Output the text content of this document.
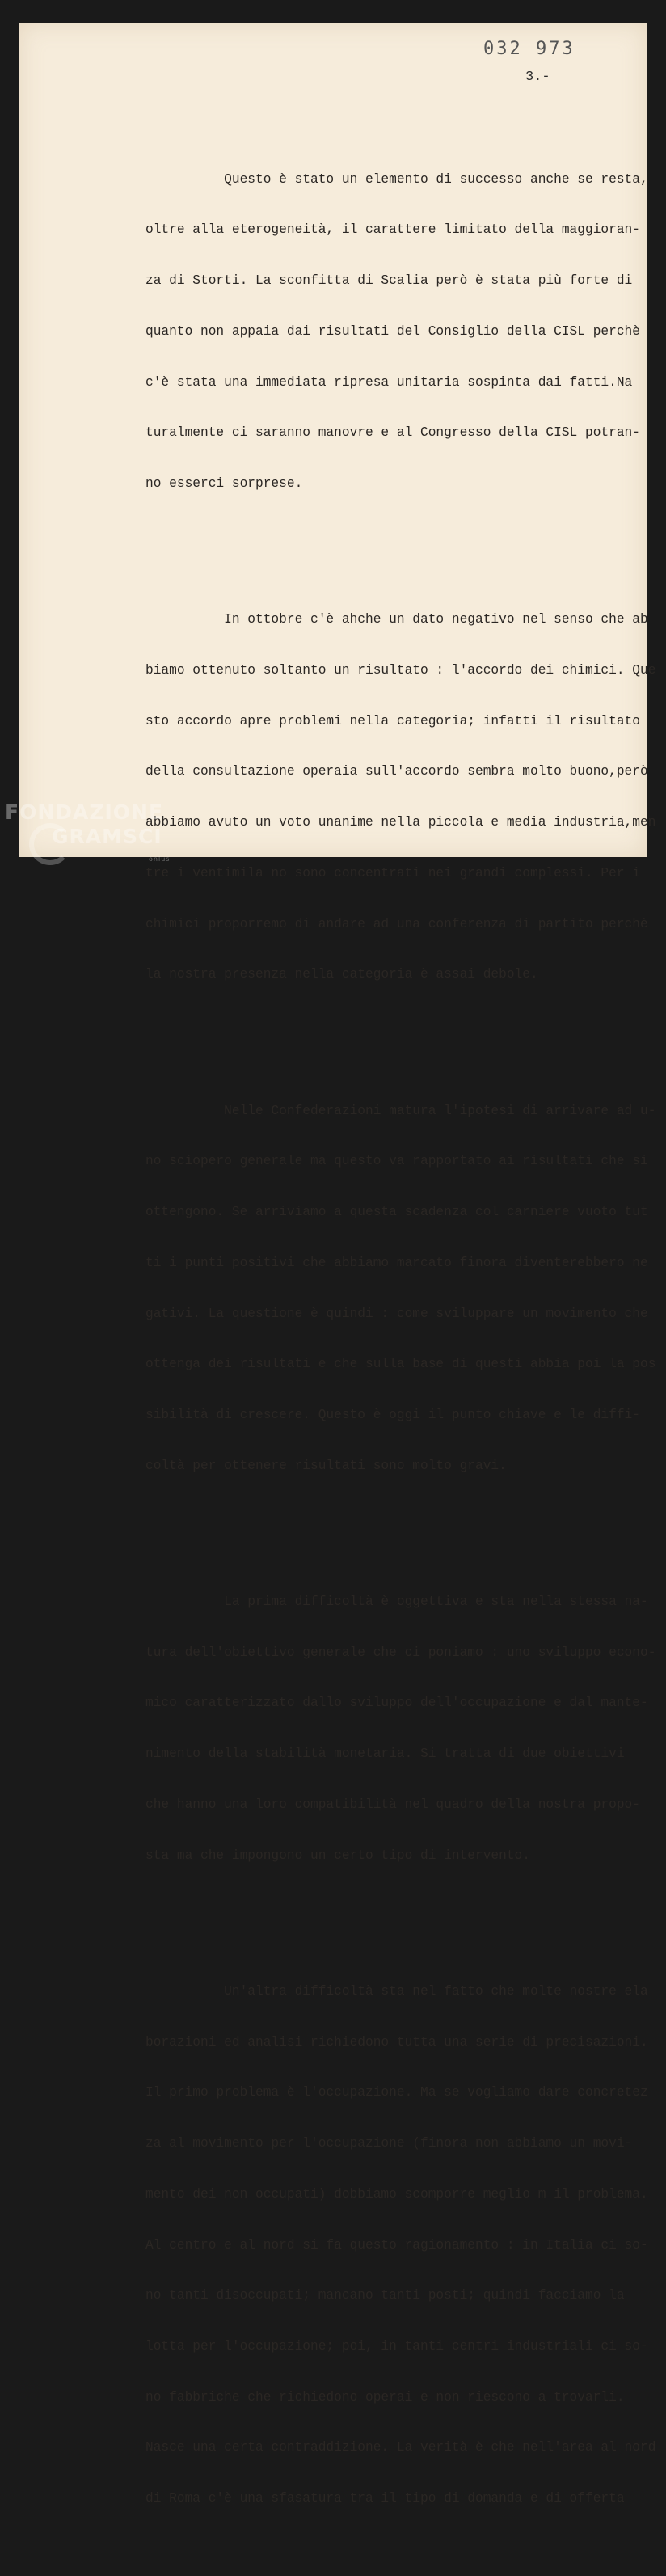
032 973
3.-

Questo è stato un elemento di successo anche se resta,

oltre alla eterogeneità, il carattere limitato della maggioran-

za di Storti. La sconfitta di Scalia però è stata più forte di

quanto non appaia dai risultati del Consiglio della CISL perchè

c'è stata una immediata ripresa unitaria sospinta dai fatti.Na

turalmente ci saranno manovre e al Congresso della CISL potran-

no esserci sorprese.

In ottobre c'è ahche un dato negativo nel senso che ab

biamo ottenuto soltanto un risultato : l'accordo dei chimici. Que

sto accordo apre problemi nella categoria; infatti il risultato

della consultazione operaia sull'accordo sembra molto buono,però

abbiamo avuto un voto unanime nella piccola e media industria,men

tre i ventimila no sono concentrati nei grandi complessi. Per i

chimici proporremo di andare ad una conferenza di partito perchè

la nostra presenza nella categoria è assai debole.

Nelle Confederazioni matura l'ipotesi di arrivare ad u-

no sciopero generale ma questo va rapportato ai risultati che si

ottengono. Se arriviamo a questa scadenza col carniere vuoto tut

ti i punti positivi che abbiamo marcato finora diventerebbero ne

gativi. La questione è quindi : come sviluppare un movimento che

ottenga dei risultati e che sulla base di questi abbia poi la pos

sibilità di crescere. Questo è oggi il punto chiave e le diffi-

coltà per ottenere risultati sono molto gravi.

La prima difficoltà è oggettiva e sta nella stessa na-

tura dell'obiettivo generale che ci poniamo : uno sviluppo econo-

mico caratterizzato dallo sviluppo dell'occupazione e dal mante-

nimento della stabilità monetaria. Si tratta di due obiettivi

che hanno una loro compatibilità nel quadro della nostra propo-

sta ma che impongono un certo tipo di intervento.

Un'altra difficoltà sta nel fatto che molte nostre ela

borazioni ed analisi richiedono tutta una serie di precisazioni.

Il primo problema è l'occupazione. Ma se vogliamo dare concretez

za al movimento per l'occupazione (finora non abbiamo un movi-

mento dei non occupati) dobbiamo scomporre meglio m il problema.

Al centro e al nord si fa questo ragionamento : in Italia ci so-

no tanti disoccupati; mancano tanti posti; quindi facciamo la

lotta per l'occupazione; poi, in tanti centri industriali ci so-

no fabbriche che richiedono operai e non riescono a trovarli.

Nasce una certa contraddizione. La verità è che nell'area al nord

di Roma c'è una sfasatura tra il tipo di domanda e di offerta

FONDAZIONE
GRAMSCI
onlus
